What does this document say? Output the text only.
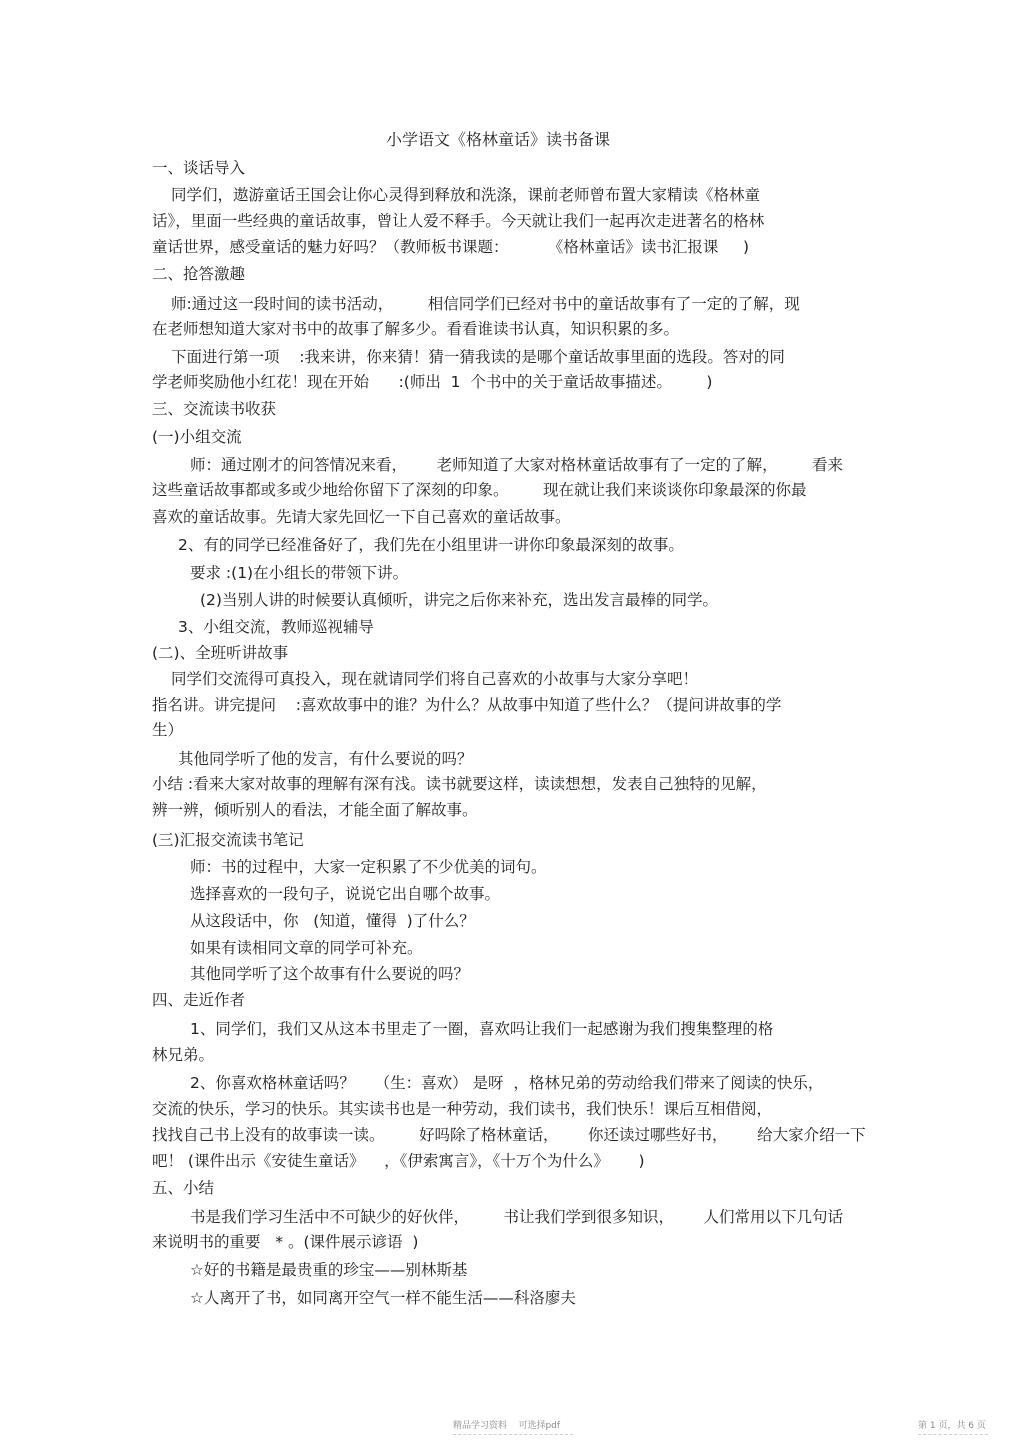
小学语文《格林童话》读书备课
一、谈话导入
同学们，遨游童话王国会让你心灵得到释放和洗涤，课前老师曾布置大家精读《格林童
话》，里面一些经典的童话故事，曾让人爱不释手。今天就让我们一起再次走进著名的格林
童话世界，感受童话的魅力好吗？（教师板书课题：        《格林童话》读书汇报课     )
二、抢答激趣
师:通过这一段时间的读书活动，       相信同学们已经对书中的童话故事有了一定的了解，现
在老师想知道大家对书中的故事了解多少。看看谁读书认真，知识积累的多。
下面进行第一项    :我来讲，你来猜！猜一猜我读的是哪个童话故事里面的选段。答对的同
学老师奖励他小红花！现在开始      :(师出  1  个书中的关于童话故事描述。       )
三、交流读书收获
(一)小组交流
师：通过刚才的问答情况来看，      老师知道了大家对格林童话故事有了一定的了解，       看来
这些童话故事都或多或少地给你留下了深刻的印象。       现在就让我们来谈谈你印象最深的你最
喜欢的童话故事。先请大家先回忆一下自己喜欢的童话故事。
2、有的同学已经准备好了，我们先在小组里讲一讲你印象最深刻的故事。
要求 :(1)在小组长的带领下讲。
(2)当别人讲的时候要认真倾听，讲完之后你来补充，选出发言最棒的同学。
3、小组交流，教师巡视辅导
(二)、全班听讲故事
同学们交流得可真投入，现在就请同学们将自己喜欢的小故事与大家分享吧！
指名讲。讲完提问    :喜欢故事中的谁？为什么？从故事中知道了些什么？（提问讲故事的学
生）
其他同学听了他的发言，有什么要说的吗？
小结 :看来大家对故事的理解有深有浅。读书就要这样，读读想想，发表自己独特的见解，
辨一辨，倾听别人的看法，才能全面了解故事。
(三)汇报交流读书笔记
师：书的过程中，大家一定积累了不少优美的词句。
选择喜欢的一段句子，说说它出自哪个故事。
从这段话中，你   (知道，懂得  )了什么？
如果有读相同文章的同学可补充。
其他同学听了这个故事有什么要说的吗？
四、走近作者
1、同学们，我们又从这本书里走了一圈，喜欢吗让我们一起感谢为我们搜集整理的格
林兄弟。
2、你喜欢格林童话吗？    （生：喜欢） 是呀  ，格林兄弟的劳动给我们带来了阅读的快乐，
交流的快乐，学习的快乐。其实读书也是一种劳动，我们读书，我们快乐！课后互相借阅，
找找自己书上没有的故事读一读。       好吗除了格林童话，      你还读过哪些好书，      给大家介绍一下
吧！ (课件出示《安徒生童话》    ，《伊索寓言》，《十万个为什么》      )
五、小结
书是我们学习生活中不可缺少的好伙伴，       书让我们学到很多知识，      人们常用以下几句话
来说明书的重要   * 。(课件展示谚语  )
☆好的书籍是最贵重的珍宝——别林斯基
☆人离开了书，如同离开空气一样不能生活——科洛廖夫
精品学习资料    可选择pdf	第 1 页，共 6 页
